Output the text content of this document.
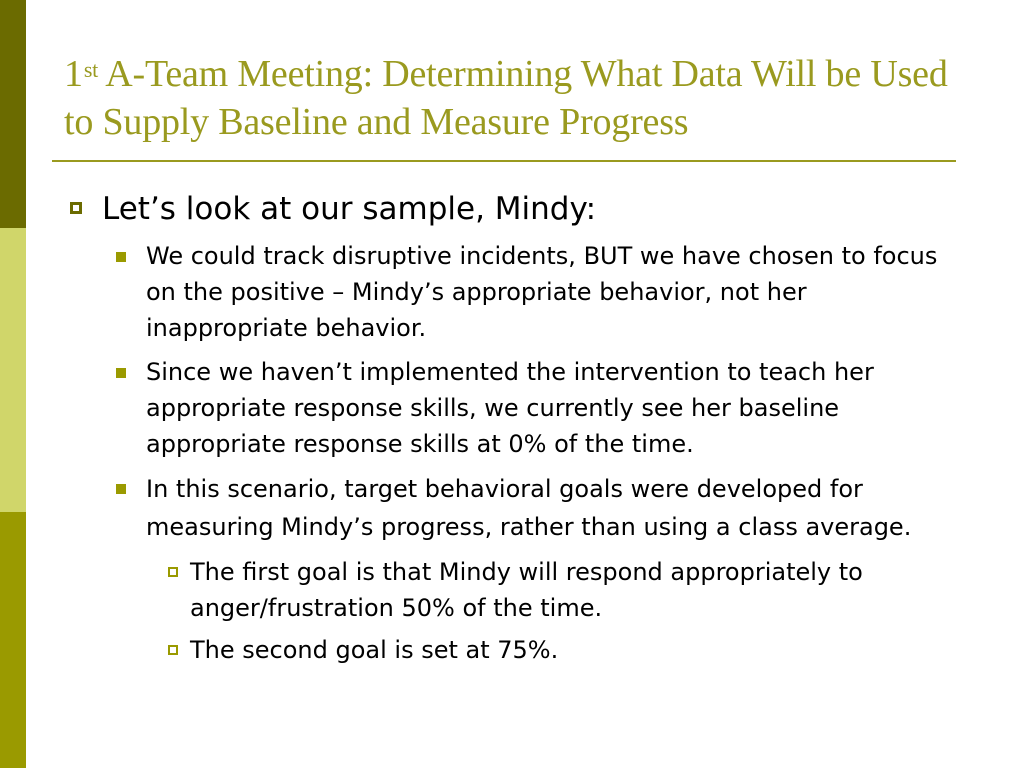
1st A-Team Meeting: Determining What Data Will be Used to Supply Baseline and Measure Progress
Let’s look at our sample, Mindy:
We could track disruptive incidents, BUT we have chosen to focus on the positive – Mindy’s appropriate behavior, not her inappropriate behavior.
Since we haven’t implemented the intervention to teach her appropriate response skills, we currently see her baseline appropriate response skills at 0% of the time.
In this scenario, target behavioral goals were developed for measuring Mindy’s progress, rather than using a class average.
The first goal is that Mindy will respond appropriately to anger/frustration 50% of the time.
The second goal is set at 75%.
